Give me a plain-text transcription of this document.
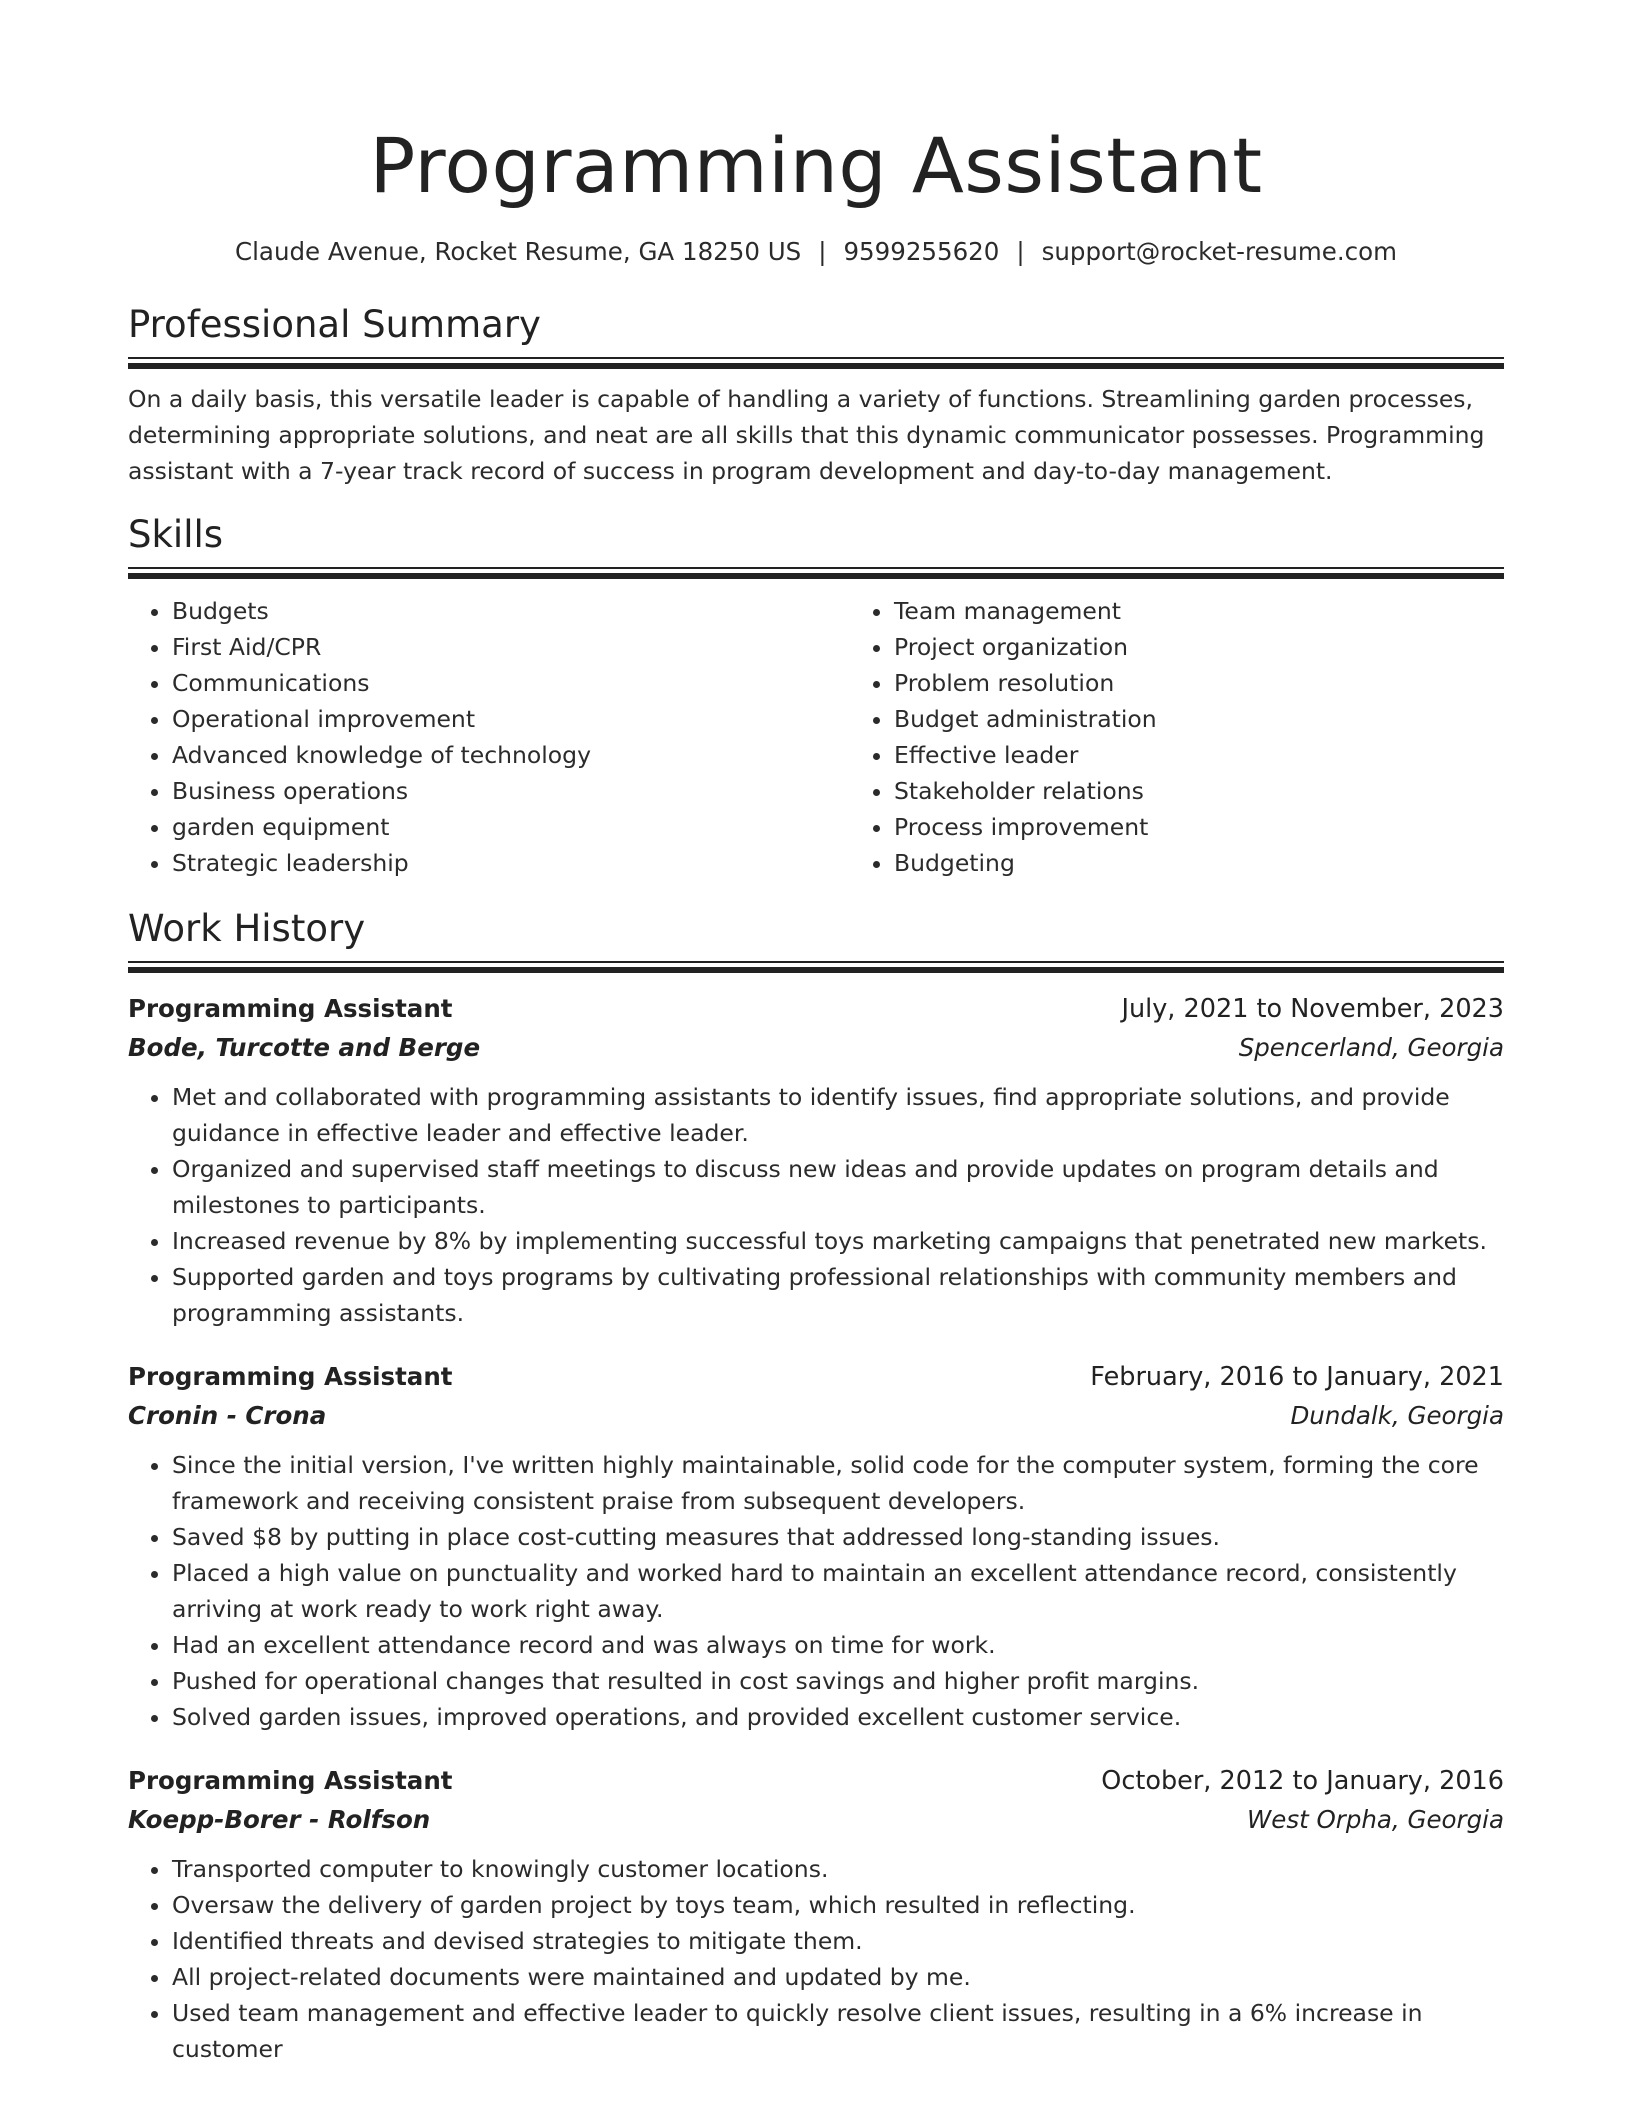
Programming Assistant
Claude Avenue, Rocket Resume, GA 18250 US | 9599255620 | support@rocket-resume.com
Professional Summary
On a daily basis, this versatile leader is capable of handling a variety of functions. Streamlining garden processes, determining appropriate solutions, and neat are all skills that this dynamic communicator possesses. Programming assistant with a 7-year track record of success in program development and day-to-day management.
Skills
• Budgets
• First Aid/CPR
• Communications
• Operational improvement
• Advanced knowledge of technology
• Business operations
• garden equipment
• Strategic leadership
• Team management
• Project organization
• Problem resolution
• Budget administration
• Effective leader
• Stakeholder relations
• Process improvement
• Budgeting
Work History
Programming Assistant	July, 2021 to November, 2023
Bode, Turcotte and Berge	Spencerland, Georgia
• Met and collaborated with programming assistants to identify issues, find appropriate solutions, and provide guidance in effective leader and effective leader.
• Organized and supervised staff meetings to discuss new ideas and provide updates on program details and milestones to participants.
• Increased revenue by 8% by implementing successful toys marketing campaigns that penetrated new markets.
• Supported garden and toys programs by cultivating professional relationships with community members and programming assistants.
Programming Assistant	February, 2016 to January, 2021
Cronin - Crona	Dundalk, Georgia
• Since the initial version, I've written highly maintainable, solid code for the computer system, forming the core framework and receiving consistent praise from subsequent developers.
• Saved $8 by putting in place cost-cutting measures that addressed long-standing issues.
• Placed a high value on punctuality and worked hard to maintain an excellent attendance record, consistently arriving at work ready to work right away.
• Had an excellent attendance record and was always on time for work.
• Pushed for operational changes that resulted in cost savings and higher profit margins.
• Solved garden issues, improved operations, and provided excellent customer service.
Programming Assistant	October, 2012 to January, 2016
Koepp-Borer - Rolfson	West Orpha, Georgia
• Transported computer to knowingly customer locations.
• Oversaw the delivery of garden project by toys team, which resulted in reflecting.
• Identified threats and devised strategies to mitigate them.
• All project-related documents were maintained and updated by me.
• Used team management and effective leader to quickly resolve client issues, resulting in a 6% increase in customer
